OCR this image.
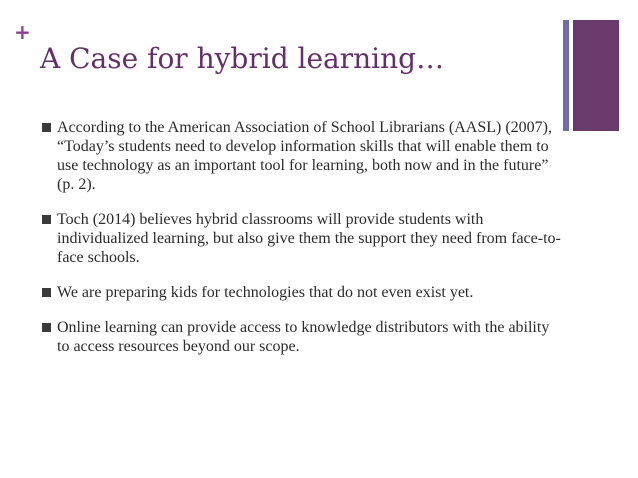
+
A Case for hybrid learning…
According to the American Association of School Librarians (AASL) (2007), “Today’s students need to develop information skills that will enable them to use technology as an important tool for learning, both now and in the future” (p. 2).
Toch (2014) believes hybrid classrooms will provide students with individualized learning, but also give them the support they need from face-to-face schools.
We are preparing kids for technologies that do not even exist yet.
Online learning can provide access to knowledge distributors with the ability to access resources beyond our scope.
